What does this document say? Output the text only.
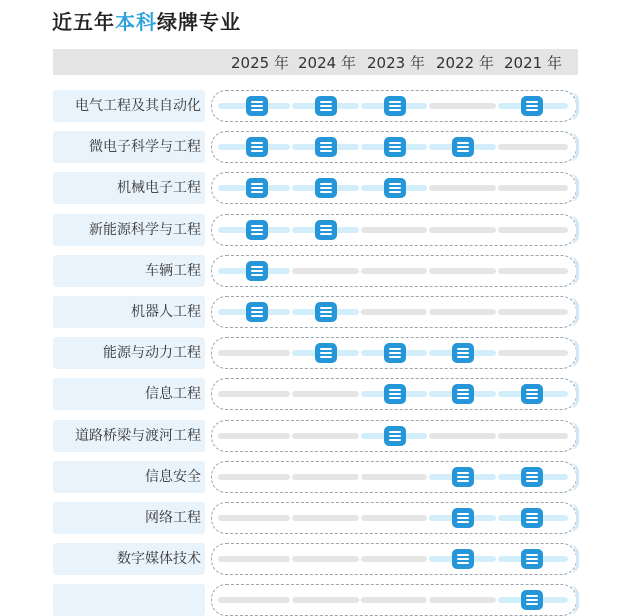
近五年本科绿牌专业
2025 年 2024 年 2023 年 2022 年 2021 年
电气工程及其自动化
微电子科学与工程
机械电子工程
新能源科学与工程
车辆工程
机器人工程
能源与动力工程
信息工程
道路桥梁与渡河工程
信息安全
网络工程
数字媒体技术
